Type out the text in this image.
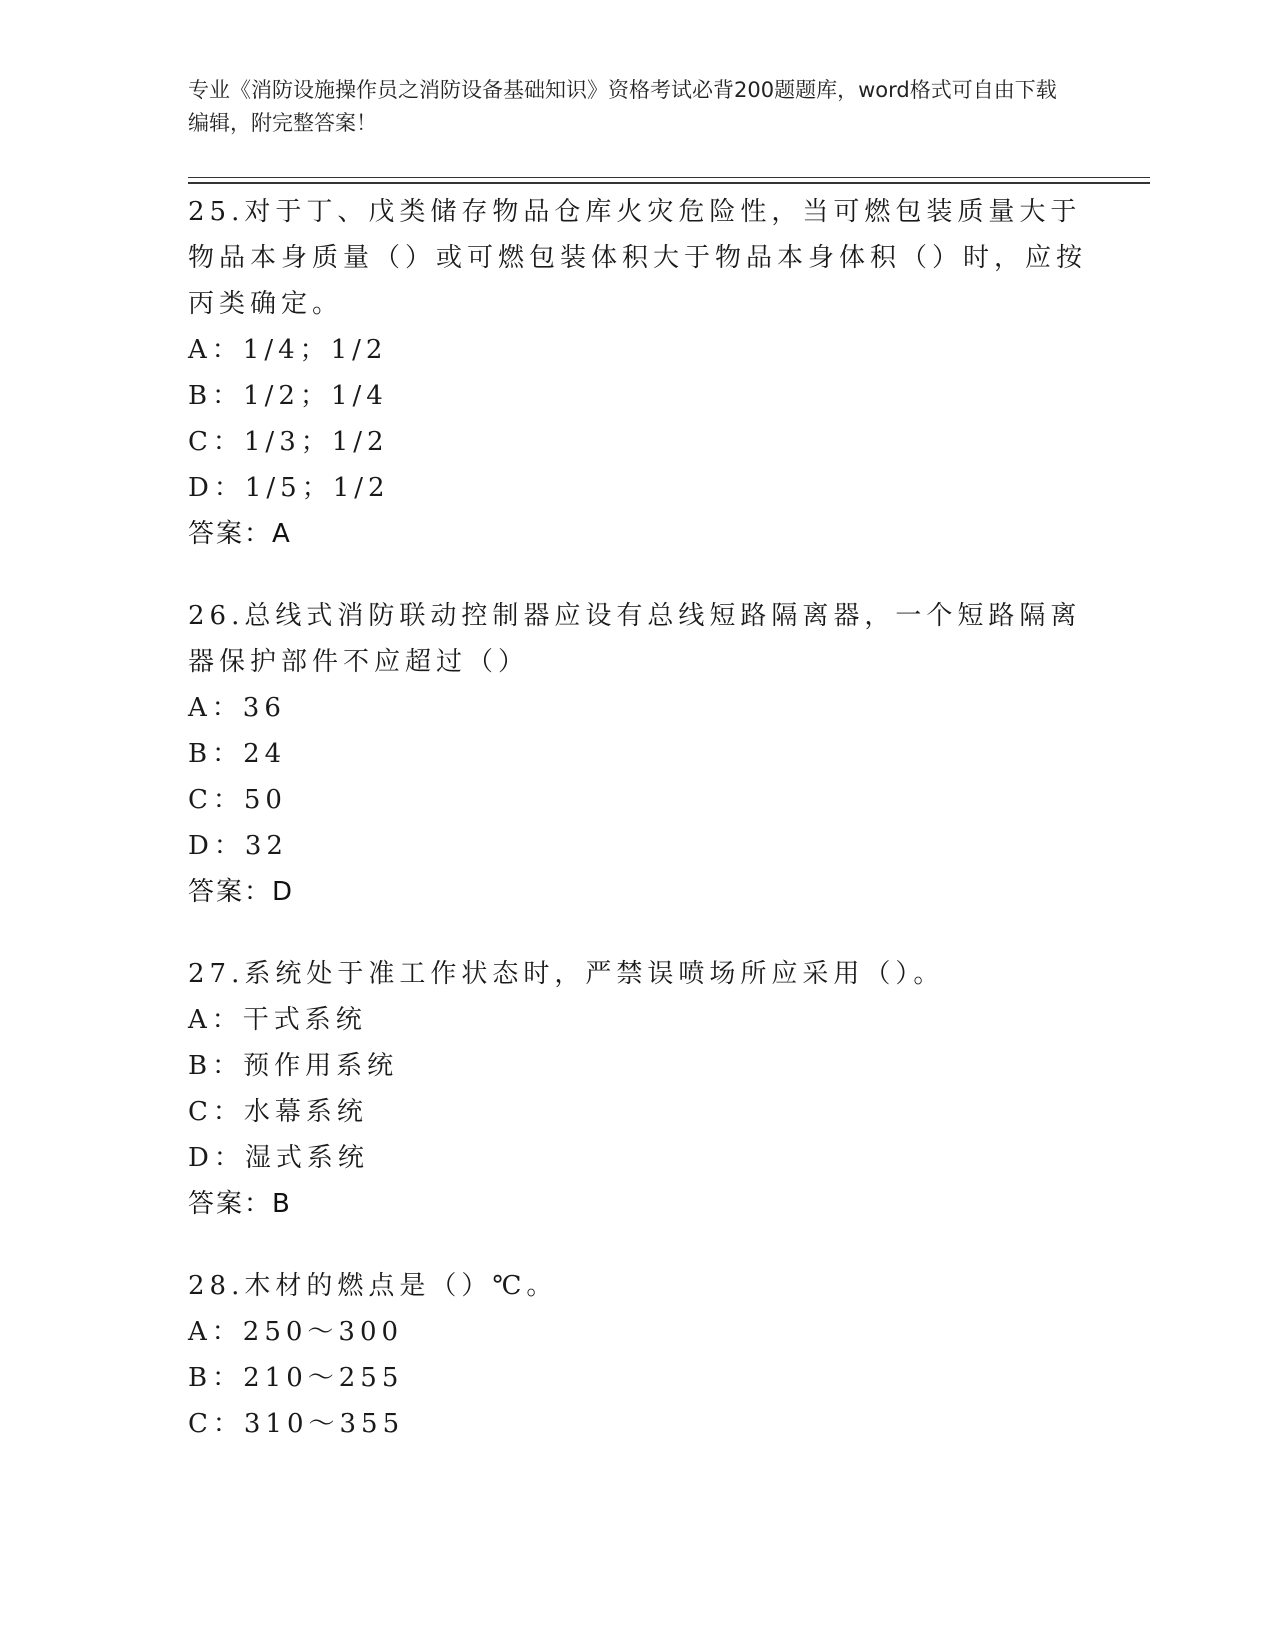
专业《消防设施操作员之消防设备基础知识》资格考试必背200题题库，word格式可自由下载编辑，附完整答案！
25.对于丁、戊类储存物品仓库火灾危险性，当可燃包装质量大于物品本身质量（）或可燃包装体积大于物品本身体积（）时，应按丙类确定。
A：1/4；1/2
B：1/2；1/4
C：1/3；1/2
D：1/5；1/2
答案：A
26.总线式消防联动控制器应设有总线短路隔离器，一个短路隔离器保护部件不应超过（）
A：36
B：24
C：50
D：32
答案：D
27.系统处于准工作状态时，严禁误喷场所应采用（）。
A：干式系统
B：预作用系统
C：水幕系统
D：湿式系统
答案：B
28.木材的燃点是（）℃。
A：250～300
B：210～255
C：310～355
